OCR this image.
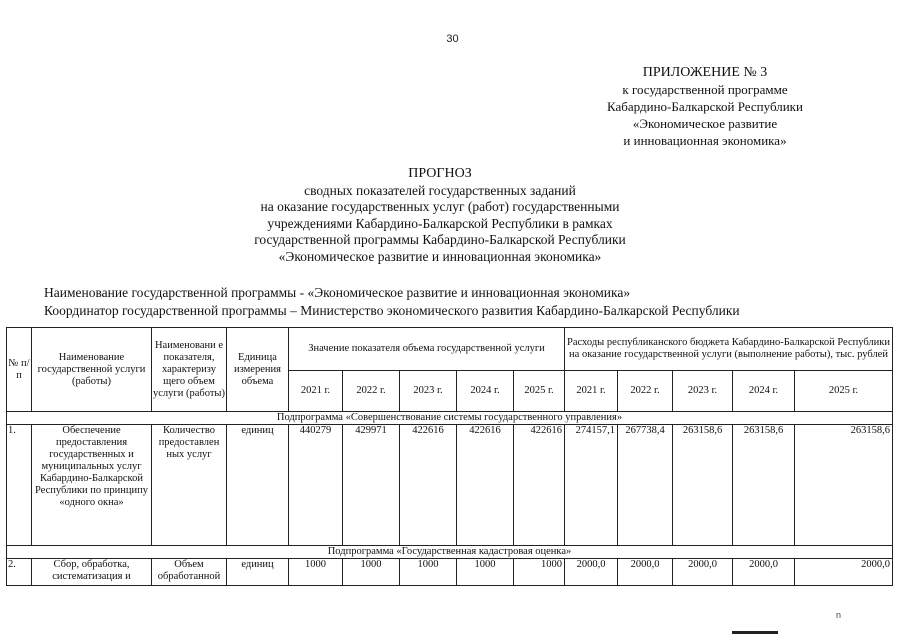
30
ПРИЛОЖЕНИЕ № 3
к государственной программе
Кабардино-Балкарской Республики
«Экономическое развитие
и инновационная экономика»
ПРОГНОЗ
сводных показателей государственных заданий
на оказание государственных услуг (работ) государственными
учреждениями Кабардино-Балкарской Республики в рамках
государственной программы Кабардино-Балкарской Республики
«Экономическое развитие и инновационная экономика»
Наименование государственной программы - «Экономическое развитие и инновационная экономика»
Координатор государственной программы – Министерство экономического развития Кабардино-Балкарской Республики
№ п/п	Наименование государственной услуги (работы)	Наименовани е показателя, характеризу щего объем услуги (работы)	Единица измерения объема	Значение показателя объема государственной услуги					Расходы республиканского бюджета Кабардино-Балкарской Республики на оказание государственной услуги (выполнение работы), тыс. рублей				
				2021 г.	2022 г.	2023 г.	2024 г.	2025 г.	2021 г.	2022 г.	2023 г.	2024 г.	2025 г.
Подпрограмма «Совершенствование системы государственного управления»													
1.	Обеспечение предоставления государственных и муниципальных услуг Кабардино-Балкарской Республики по принципу «одного окна»	Количество предоставлен ных услуг	единиц	440279	429971	422616	422616	422616	274157,1	267738,4	263158,6	263158,6	263158,6
Подпрограмма «Государственная кадастровая оценка»													
2.	Сбор, обработка, систематизация и	Объем обработанной	единиц	1000	1000	1000	1000	1000	2000,0	2000,0	2000,0	2000,0	2000,0
n
